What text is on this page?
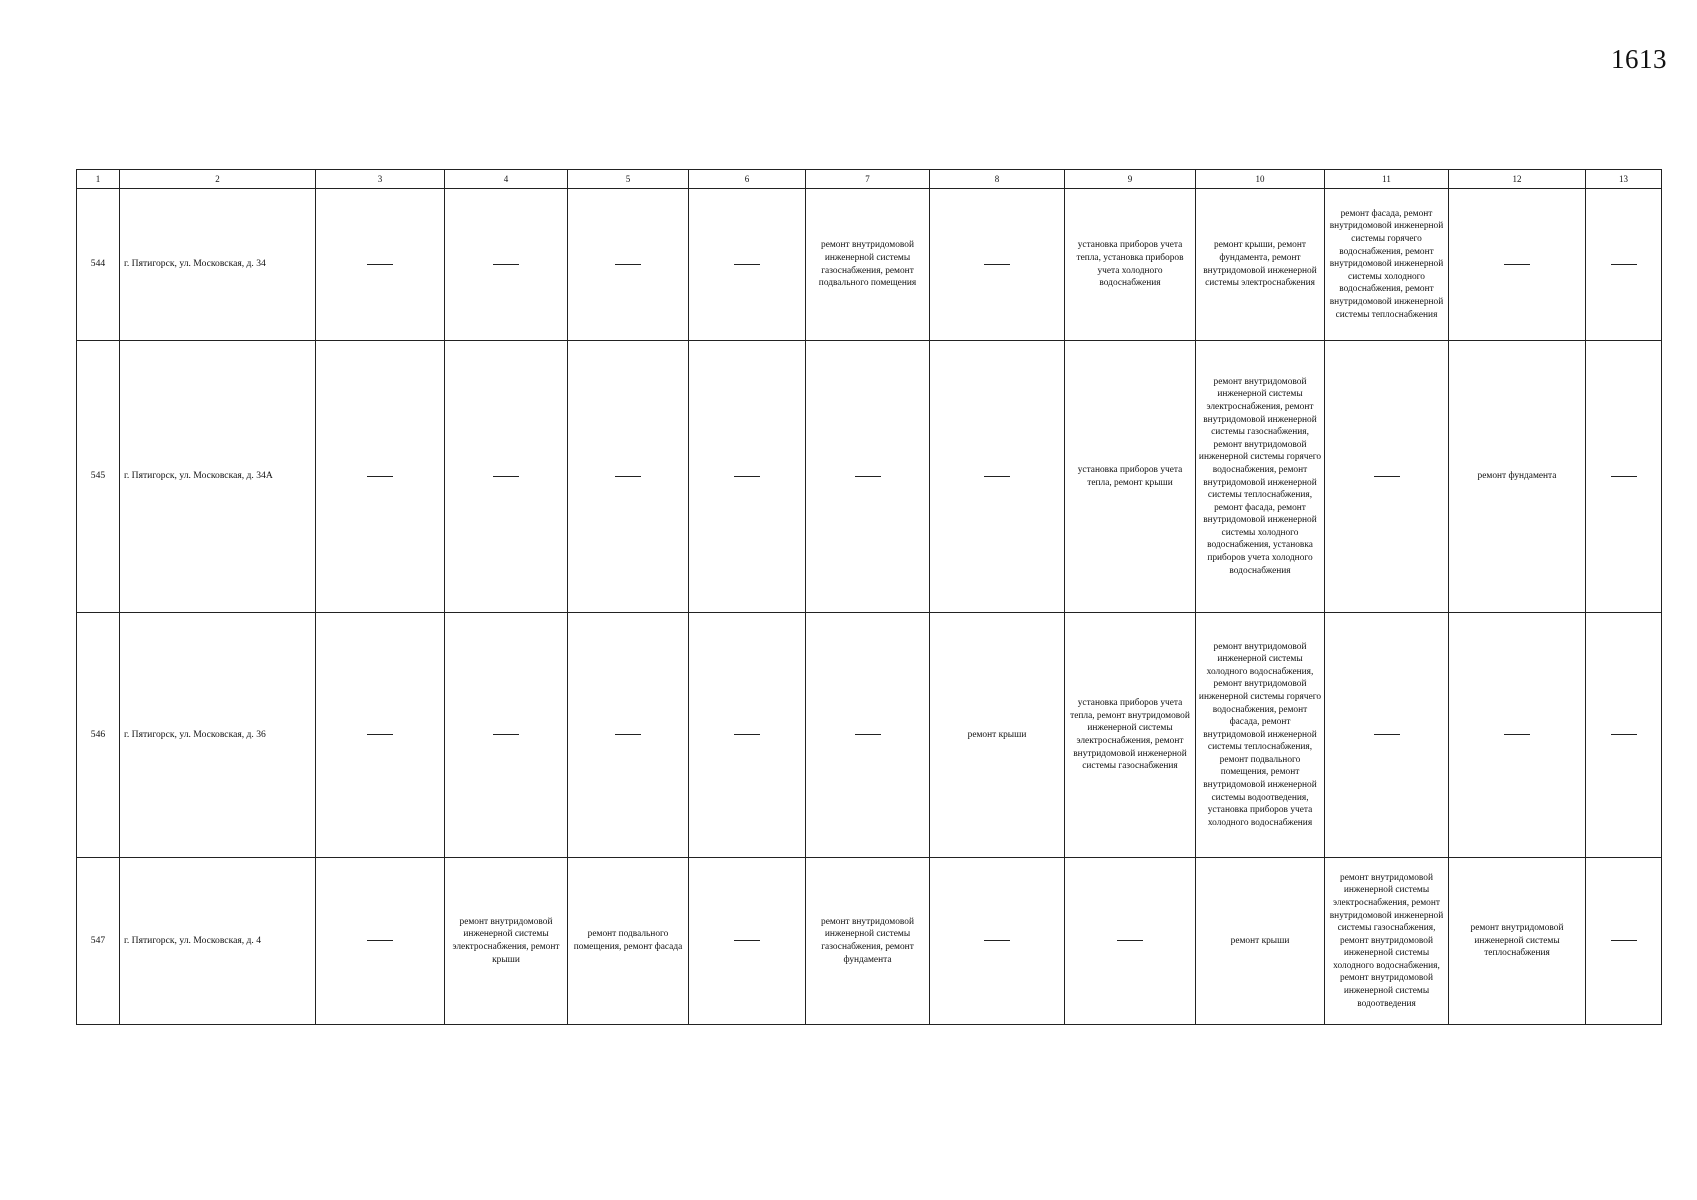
1613
1	2	3	4	5	6	7	8	9	10	11	12	13
544	г. Пятигорск, ул. Московская, д. 34					ремонт внутридомовой инженерной системы газоснабжения, ремонт подвального помещения		установка приборов учета тепла, установка приборов учета холодного водоснабжения	ремонт крыши, ремонт фундамента, ремонт внутридомовой инженерной системы электроснабжения	ремонт фасада, ремонт внутридомовой инженерной системы горячего водоснабжения, ремонт внутридомовой инженерной системы холодного водоснабжения, ремонт внутридомовой инженерной системы теплоснабжения		
545	г. Пятигорск, ул. Московская, д. 34А							установка приборов учета тепла, ремонт крыши	ремонт внутридомовой инженерной системы электроснабжения, ремонт внутридомовой инженерной системы газоснабжения, ремонт внутридомовой инженерной системы горячего водоснабжения, ремонт внутридомовой инженерной системы теплоснабжения, ремонт фасада, ремонт внутридомовой инженерной системы холодного водоснабжения, установка приборов учета холодного водоснабжения		ремонт фундамента	
546	г. Пятигорск, ул. Московская, д. 36						ремонт крыши	установка приборов учета тепла, ремонт внутридомовой инженерной системы электроснабжения, ремонт внутридомовой инженерной системы газоснабжения	ремонт внутридомовой инженерной системы холодного водоснабжения, ремонт внутридомовой инженерной системы горячего водоснабжения, ремонт фасада, ремонт внутридомовой инженерной системы теплоснабжения, ремонт подвального помещения, ремонт внутридомовой инженерной системы водоотведения, установка приборов учета холодного водоснабжения			
547	г. Пятигорск, ул. Московская, д. 4		ремонт внутридомовой инженерной системы электроснабжения, ремонт крыши	ремонт подвального помещения, ремонт фасада		ремонт внутридомовой инженерной системы газоснабжения, ремонт фундамента			ремонт крыши	ремонт внутридомовой инженерной системы электроснабжения, ремонт внутридомовой инженерной системы газоснабжения, ремонт внутридомовой инженерной системы холодного водоснабжения, ремонт внутридомовой инженерной системы водоотведения	ремонт внутридомовой инженерной системы теплоснабжения	
